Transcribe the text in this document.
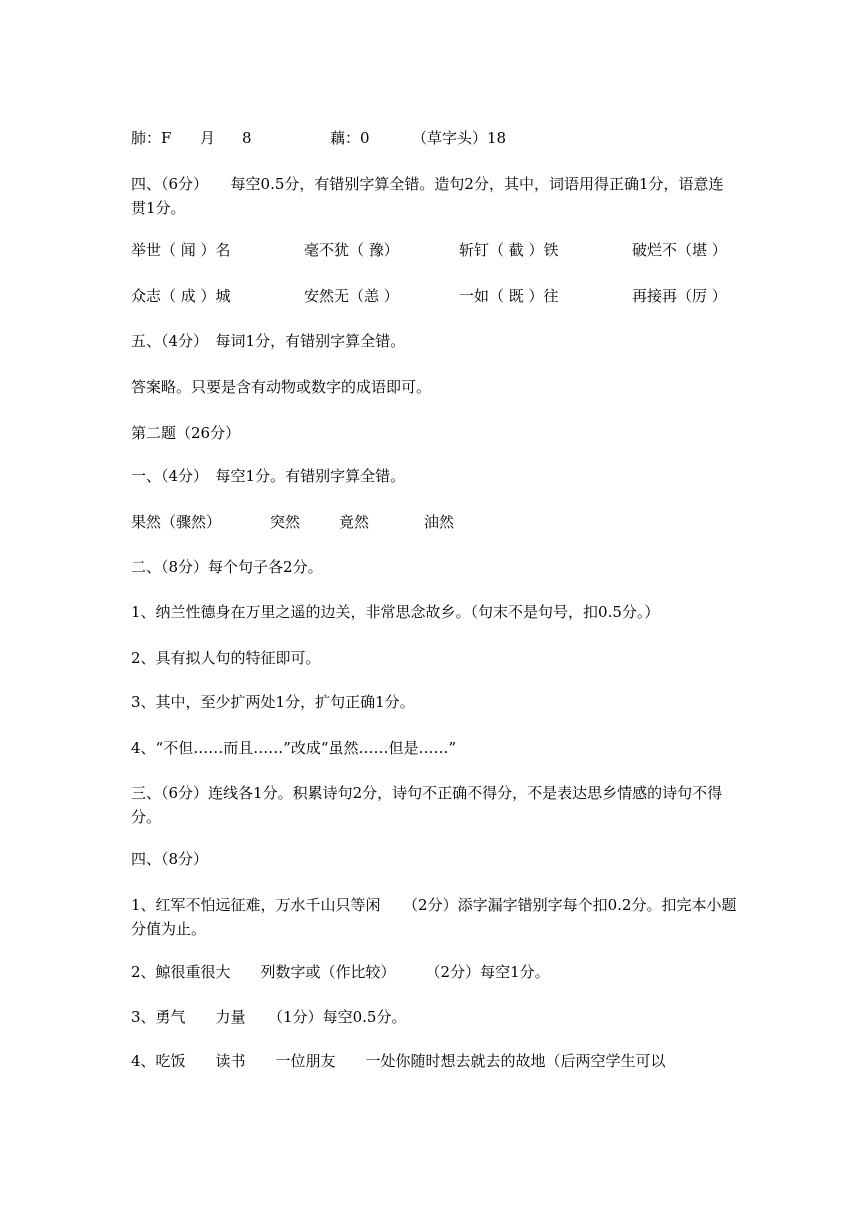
肺：F 月 8	藕：0	（草字头）18
四、（6分）　　每空0.5分，有错别字算全错。造句2分，其中，词语用得正确1分，语意连贯1分。
举世（ 闻 ）名	毫不犹（ 豫）	斩钉（ 截 ）铁	破烂不（堪 ）
众志（ 成 ）城	安然无（恙 ）	一如（ 既 ）往	再接再（厉 ）
五、（4分）　每词1分，有错别字算全错。
答案略。只要是含有动物或数字的成语即可。
第二题（26分）
一、（4分）　每空1分。有错别字算全错。
果然（骤然）	突然	竟然	油然
二、（8分）每个句子各2分。
1、纳兰性德身在万里之遥的边关，非常思念故乡。（句末不是句号，扣0.5分。）
2、具有拟人句的特征即可。
3、其中，至少扩两处1分，扩句正确1分。
4、“不但……而且……”改成“虽然……但是……”
三、（6分）连线各1分。积累诗句2分，诗句不正确不得分，不是表达思乡情感的诗句不得分。
四、（8分）
1、红军不怕远征难，万水千山只等闲　　（2分）添字漏字错别字每个扣0.2分。扣完本小题分值为止。
2、鲸很重很大　　列数字或（作比较）　　　（2分）每空1分。
3、勇气　　力量　　（1分）每空0.5分。
4、吃饭　　读书　　一位朋友　　一处你随时想去就去的故地（后两空学生可以
